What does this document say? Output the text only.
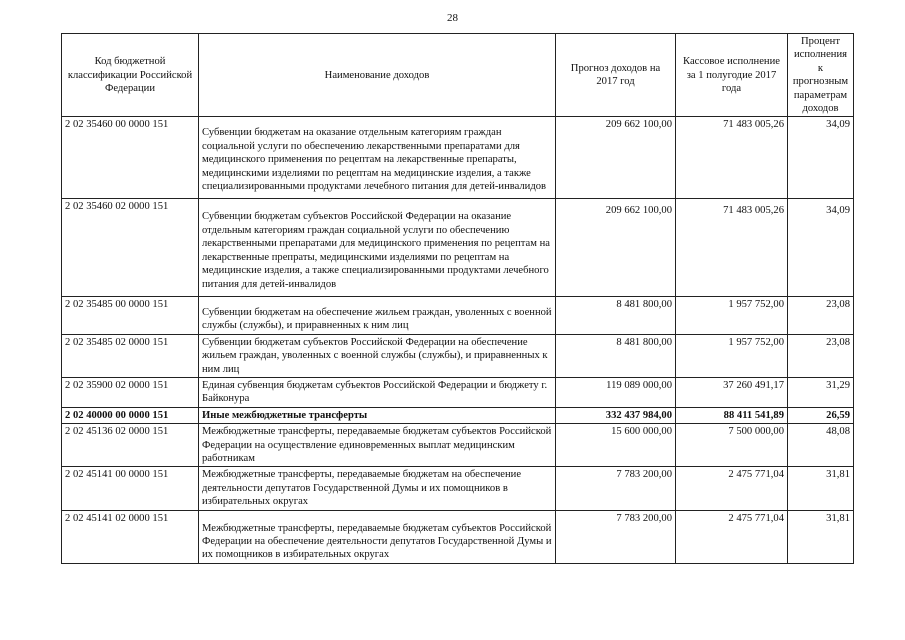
28
Код бюджетной классификации Российской Федерации	Наименование доходов	Прогноз доходов на 2017 год	Кассовое исполнение за 1 полугодие 2017 года	Процент исполнения к прогнозным параметрам доходов
2 02 35460 00 0000 151	Субвенции бюджетам на оказание отдельным категориям граждан социальной услуги по обеспечению лекарственными препаратами для медицинского применения по рецептам на лекарственные препараты, медицинскими изделиями по рецептам на медицинские изделия, а также специализированными продуктами лечебного питания для детей-инвалидов	209 662 100,00	71 483 005,26	34,09
2 02 35460 02 0000 151	Субвенции бюджетам субъектов Российской Федерации на оказание отдельным категориям граждан социальной услуги по обеспечению лекарственными препаратами для медицинского применения по рецептам на лекарственные препраты, медицинскими изделиями по рецептам на медицинские изделия, а также специализированными продуктами лечебного питания для детей-инвалидов	209 662 100,00	71 483 005,26	34,09
2 02 35485 00 0000 151	Субвенции бюджетам на обеспечение жильем граждан, уволенных с военной службы (службы), и приравненных к ним лиц	8 481 800,00	1 957 752,00	23,08
2 02 35485 02 0000 151	Субвенции бюджетам субъектов Российской Федерации на обеспечение жильем граждан, уволенных с военной службы (службы), и приравненных к ним лиц	8 481 800,00	1 957 752,00	23,08
2 02 35900 02 0000 151	Единая субвенция бюджетам субъектов Российской Федерации и бюджету г. Байконура	119 089 000,00	37 260 491,17	31,29
2 02 40000 00 0000 151	Иные межбюджетные трансферты	332 437 984,00	88 411 541,89	26,59
2 02 45136 02 0000 151	Межбюджетные трансферты, передаваемые бюджетам субъектов Российской Федерации на осуществление единовременных выплат медицинским работникам	15 600 000,00	7 500 000,00	48,08
2 02 45141 00 0000 151	Межбюджетные трансферты, передаваемые бюджетам на обеспечение деятельности депутатов Государственной Думы и их помощников в избирательных округах	7 783 200,00	2 475 771,04	31,81
2 02 45141 02 0000 151	Межбюджетные трансферты, передаваемые бюджетам субъектов Российской Федерации на обеспечение деятельности депутатов Государственной Думы и их помощников в избирательных округах	7 783 200,00	2 475 771,04	31,81
